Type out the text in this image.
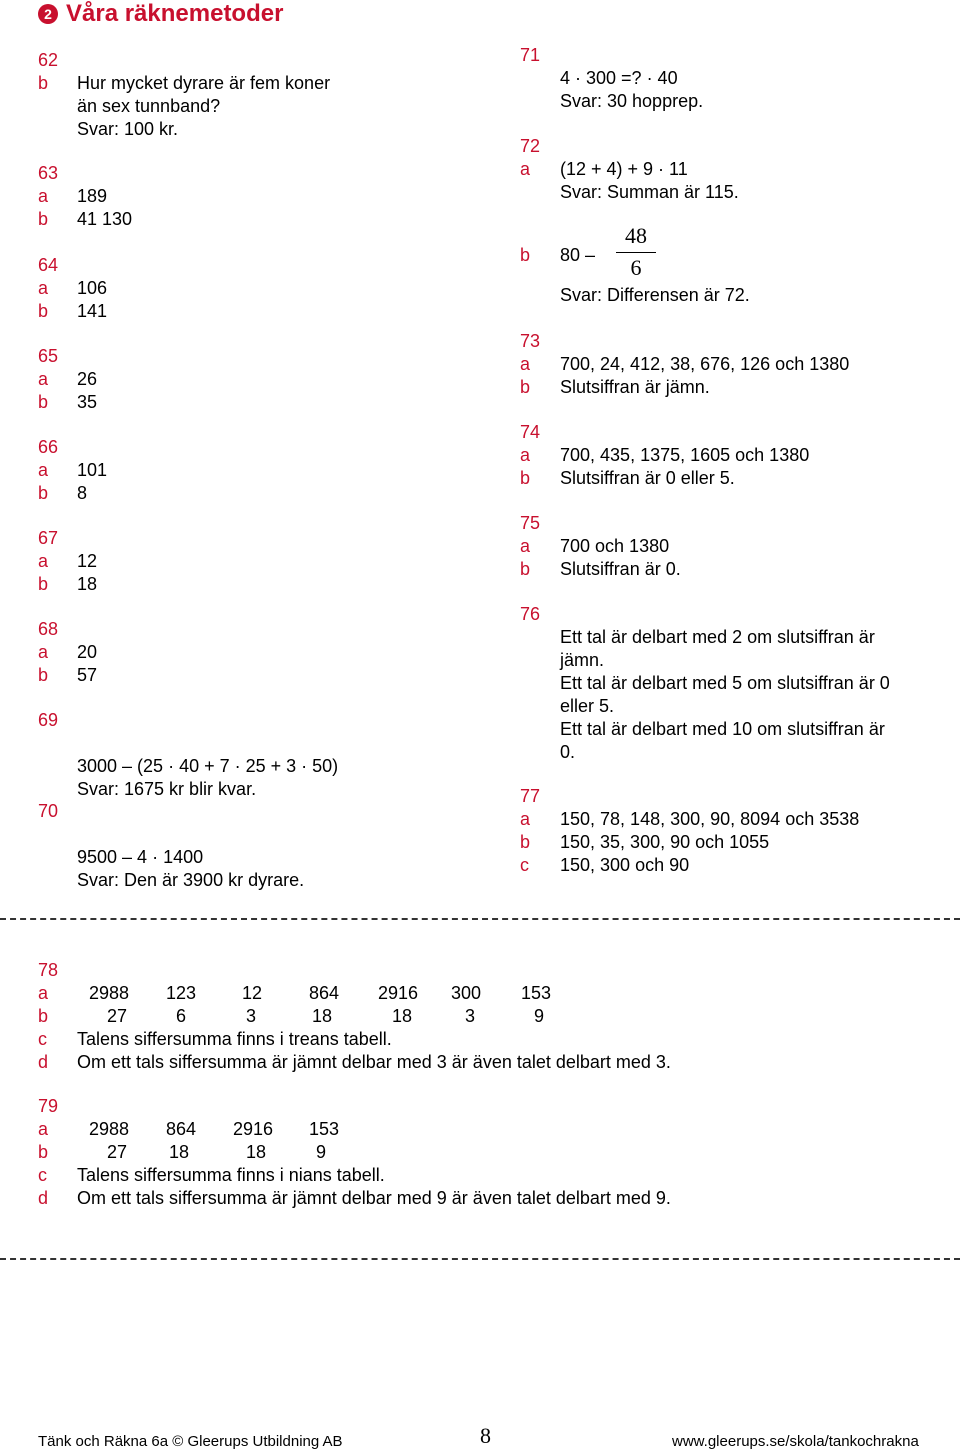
2 Våra räknemetoder
62
b Hur mycket dyrare är fem koner
än sex tunnband?
Svar: 100 kr.
63
a 189
b 41 130
64
a 106
b 141
65
a 26
b 35
66
a 101
b 8
67
a 12
b 18
68
a 20
b 57
69
3000 – (25 · 40 + 7 · 25 + 3 · 50)
Svar: 1675 kr blir kvar.
70
9500 – 4 · 1400
Svar: Den är 3900 kr dyrare.
71
4 · 300 =? · 40
Svar: 30 hopprep.
72
a (12 + 4) + 9 · 11
Svar: Summan är 115.
Svar: Differensen är 72.
73
a 700, 24, 412, 38, 676, 126 och 1380
b Slutsiffran är jämn.
74
a 700, 435, 1375, 1605 och 1380
b Slutsiffran är 0 eller 5.
75
a 700 och 1380
b Slutsiffran är 0.
76
Ett tal är delbart med 2 om slutsiffran är
jämn.
Ett tal är delbart med 5 om slutsiffran är 0
eller 5.
Ett tal är delbart med 10 om slutsiffran är
0.
77
a 150, 78, 148, 300, 90, 8094 och 3538
b 150, 35, 300, 90 och 1055
c 150, 300 och 90
b 80 –
48
6
78
a	2988	123	12	864	2916	300	153
b	27	6	3	18	18	3	9
c Talens siffersumma finns i treans tabell.
d Om ett tals siffersumma är jämnt delbar med 3 är även talet delbart med 3.
79
a	2988	864	2916	153
b	27	18	18	9
c Talens siffersumma finns i nians tabell.
d Om ett tals siffersumma är jämnt delbar med 9 är även talet delbart med 9.
Tänk och Räkna 6a © Gleerups Utbildning AB	8	www.gleerups.se/skola/tankochrakna
